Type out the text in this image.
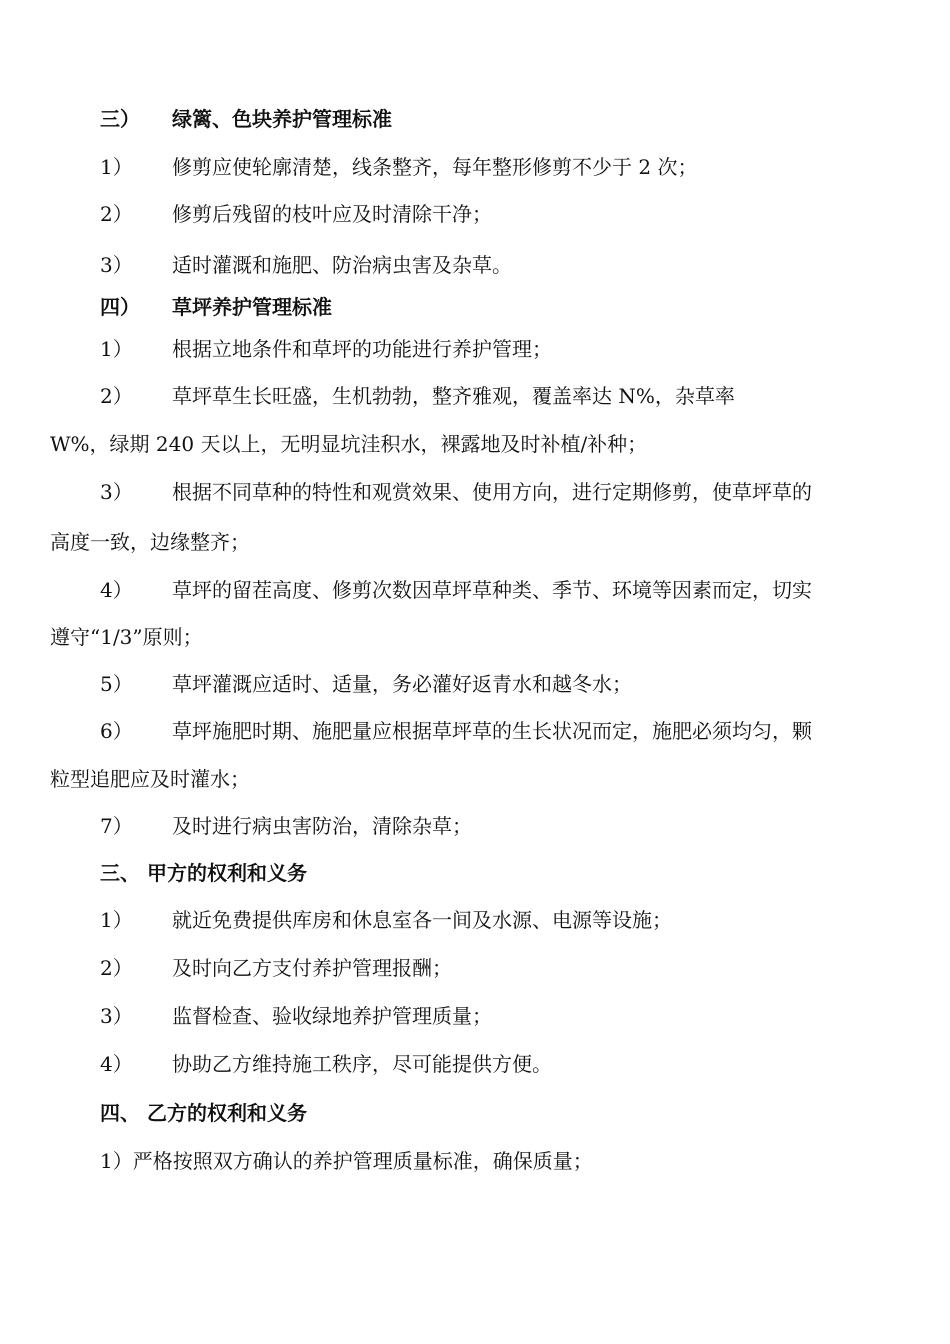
三） 绿篱、色块养护管理标准
1） 修剪应使轮廓清楚，线条整齐，每年整形修剪不少于 2 次；
2） 修剪后残留的枝叶应及时清除干净；
3） 适时灌溉和施肥、防治病虫害及杂草。
四） 草坪养护管理标准
1） 根据立地条件和草坪的功能进行养护管理；
2） 草坪草生长旺盛，生机勃勃，整齐雅观，覆盖率达 N%，杂草率
W%，绿期 240 天以上，无明显坑洼积水，裸露地及时补植/补种；
3） 根据不同草种的特性和观赏效果、使用方向，进行定期修剪，使草坪草的
高度一致，边缘整齐；
4） 草坪的留茬高度、修剪次数因草坪草种类、季节、环境等因素而定，切实
遵守“1/3”原则；
5） 草坪灌溉应适时、适量，务必灌好返青水和越冬水；
6） 草坪施肥时期、施肥量应根据草坪草的生长状况而定，施肥必须均匀，颗
粒型追肥应及时灌水；
7） 及时进行病虫害防治，清除杂草；
三、 甲方的权利和义务
1） 就近免费提供库房和休息室各一间及水源、电源等设施；
2） 及时向乙方支付养护管理报酬；
3） 监督检查、验收绿地养护管理质量；
4） 协助乙方维持施工秩序，尽可能提供方便。
四、 乙方的权利和义务
1）严格按照双方确认的养护管理质量标准，确保质量；
